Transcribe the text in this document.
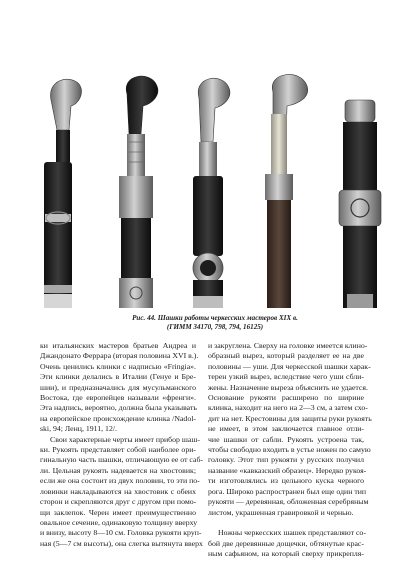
Рис. 44. Шашки работы черкесских мастеров XIX в.
(ГИММ 34170, 798, 794, 16125)
ки итальянских мастеров братьев Андреа и
Джандонато Феррара (вторая половина XVI в.).
Очень ценились клинки с надписью «Fringia».
Эти клинки делались в Италии (Генуе и Бре-
шии), и предназначались для мусульманского
Востока, где европейцев называли «френги».
Эта надпись, вероятно, должна была указывать
на европейское происхождение клинка /Nadol-
ski, 94; Ленц, 1911, 12/.
Свои характерные черты имеет прибор шаш-
ки. Рукоять представляет собой наиболее ори-
гинальную часть шашки, отличающую ее от саб-
ли. Цельная рукоять надевается на хвостовик;
если же она состоит из двух половин, то эти по-
ловинки накладываются на хвостовик с обеих
сторон и скрепляются друг с другом при помо-
щи заклепок. Черен имеет преимущественно
овальное сечение, одинаковую толщину вверху
и внизу, высоту 8—10 см. Головка рукояти круп-
ная (5—7 см высоты), она слегка вытянута вверх
и закруглена. Сверху на головке имеется клино-
образный вырез, который разделяет ее на две
половины — уши. Для черкесской шашки харак-
терен узкий вырез, вследствие чего уши сбли-
жены. Назначение выреза объяснить не удается.
Основание рукояти расширено по ширине
клинка, находит на него на 2—3 см, а затем схо-
дит на нет. Крестовины для защиты руки рукоять
не имеет, в этом заключается главное отли-
чие шашки от сабли. Рукоять устроена так,
чтобы свободно входить в устье ножен по самую
головку. Этот тип рукояти у русских получил
название «кавказский образец». Нередко рукоя-
ти изготовлялись из цельного куска черного
рога. Широко распространен был еще один тип
рукояти — деревянная, обложенная серебряным
листом, украшенная гравировкой и чернью.

Ножны черкесских шашек представляют со-
бой две деревянные дощечки, обтянутые крас-
ным сафьяном, на который сверху прикрепля-
